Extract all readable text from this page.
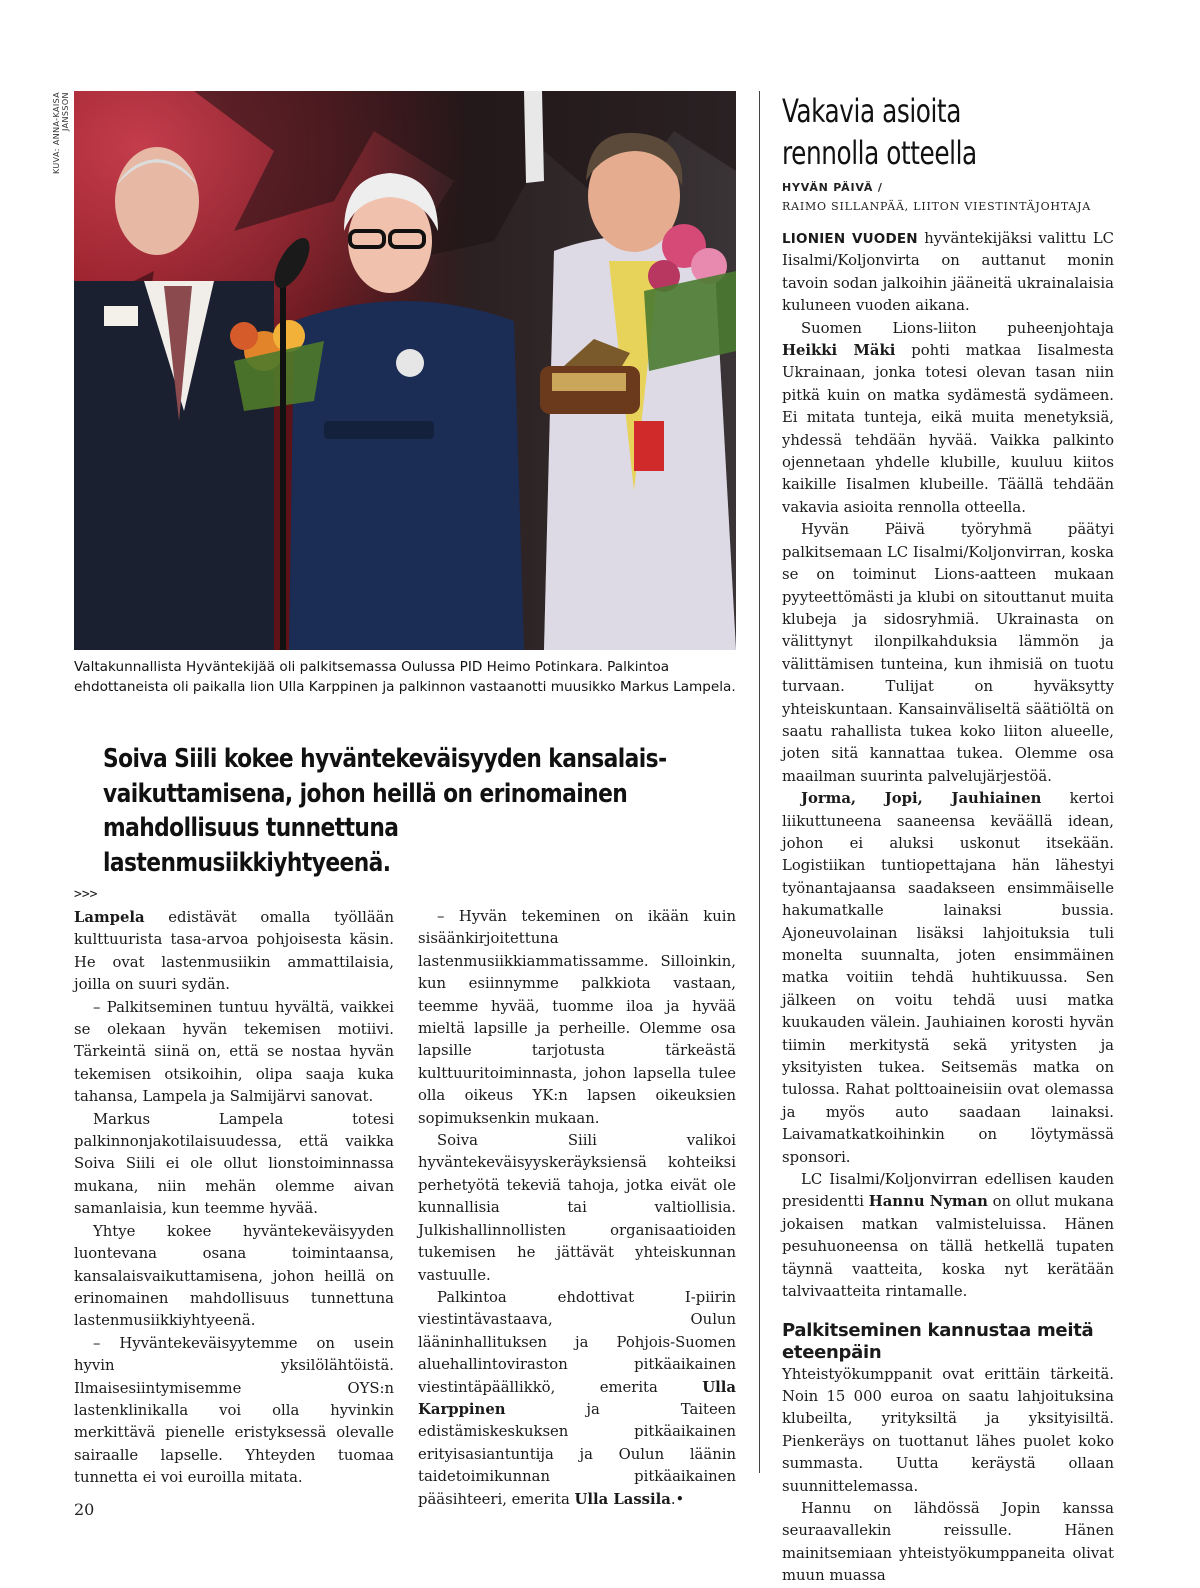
KUVA: ANNA-KAISA JANSSON
Valtakunnallista Hyväntekijää oli palkitsemassa Oulussa PID Heimo Potinkara. Palkintoa ehdottaneista oli paikalla lion Ulla Karppinen ja palkinnon vastaanotti muusikko Markus Lampela.
Soiva Siili kokee hyväntekeväisyyden kansalaisvaikuttamisena, johon heillä on erinomainen mahdollisuus tunnettuna lastenmusiikkiyhtyeenä.

>>>

Lampela edistävät omalla työllään kulttuurista tasa-arvoa pohjoisesta käsin. He ovat lastenmusiikin ammattilaisia, joilla on suuri sydän.

– Palkitseminen tuntuu hyvältä, vaikkei se olekaan hyvän tekemisen motiivi. Tärkeintä siinä on, että se nostaa hyvän tekemisen otsikoihin, olipa saaja kuka tahansa, Lampela ja Salmijärvi sanovat.

Markus Lampela totesi palkinnonjakotilaisuudessa, että vaikka Soiva Siili ei ole ollut lionstoiminnassa mukana, niin mehän olemme aivan samanlaisia, kun teemme hyvää.

Yhtye kokee hyväntekeväisyyden luontevana osana toimintaansa, kansalaisvaikuttamisena, johon heillä on erinomainen mahdollisuus tunnettuna lastenmusiikkiyhtyeenä.

– Hyväntekeväisyytemme on usein hyvin yksilölähtöistä. Ilmaisesiintymisemme OYS:n lastenklinikalla voi olla hyvinkin merkittävä pienelle eristyksessä olevalle sairaalle lapselle. Yhteyden tuomaa tunnetta ei voi euroilla mitata.

– Hyvän tekeminen on ikään kuin sisäänkirjoitettuna lastenmusiikkiammatissamme. Silloinkin, kun esiinnymme palkkiota vastaan, teemme hyvää, tuomme iloa ja hyvää mieltä lapsille ja perheille. Olemme osa lapsille tarjotusta tärkeästä kulttuuritoiminnasta, johon lapsella tulee olla oikeus YK:n lapsen oikeuksien sopimuksenkin mukaan.

Soiva Siili valikoi hyväntekeväisyyskeräyksiensä kohteiksi perhetyötä tekeviä tahoja, jotka eivät ole kunnallisia tai valtiollisia. Julkishallinnollisten organisaatioiden tukemisen he jättävät yhteiskunnan vastuulle.

Palkintoa ehdottivat I-piirin viestintävastaava, Oulun lääninhallituksen ja Pohjois-Suomen aluehallintoviraston pitkäaikainen viestintäpäällikkö, emerita Ulla Karppinen ja Taiteen edistämiskeskuksen pitkäaikainen erityisasiantuntija ja Oulun läänin taidetoimikunnan pitkäaikainen pääsihteeri, emerita Ulla Lassila.•

Vakavia asioita
rennolla otteella
HYVÄN PÄIVÄ /
RAIMO SILLANPÄÄ, LIITON VIESTINTÄJOHTAJA

LIONIEN VUODEN hyväntekijäksi valittu LC Iisalmi/Koljonvirta on auttanut monin tavoin sodan jalkoihin jääneitä ukrainalaisia kuluneen vuoden aikana.

Suomen Lions-liiton puheenjohtaja Heikki Mäki pohti matkaa Iisalmesta Ukrainaan, jonka totesi olevan tasan niin pitkä kuin on matka sydämestä sydämeen. Ei mitata tunteja, eikä muita menetyksiä, yhdessä tehdään hyvää. Vaikka palkinto ojennetaan yhdelle klubille, kuuluu kiitos kaikille Iisalmen klubeille. Täällä tehdään vakavia asioita rennolla otteella.

Hyvän Päivä työryhmä päätyi palkitsemaan LC Iisalmi/Koljonvirran, koska se on toiminut Lions-aatteen mukaan pyyteettömästi ja klubi on sitouttanut muita klubeja ja sidosryhmiä. Ukrainasta on välittynyt ilonpilkahduksia lämmön ja välittämisen tunteina, kun ihmisiä on tuotu turvaan. Tulijat on hyväksytty yhteiskuntaan. Kansainväliseltä säätiöltä on saatu rahallista tukea koko liiton alueelle, joten sitä kannattaa tukea. Olemme osa maailman suurinta palvelujärjestöä.

Jorma, Jopi, Jauhiainen kertoi liikuttuneena saaneensa keväällä idean, johon ei aluksi uskonut itsekään. Logistiikan tuntiopettajana hän lähestyi työnantajaansa saadakseen ensimmäiselle hakumatkalle lainaksi bussia. Ajoneuvolainan lisäksi lahjoituksia tuli monelta suunnalta, joten ensimmäinen matka voitiin tehdä huhtikuussa. Sen jälkeen on voitu tehdä uusi matka kuukauden välein. Jauhiainen korosti hyvän tiimin merkitystä sekä yritysten ja yksityisten tukea. Seitsemäs matka on tulossa. Rahat polttoaineisiin ovat olemassa ja myös auto saadaan lainaksi. Laivamatkatkoihinkin on löytymässä sponsori.

LC Iisalmi/Koljonvirran edellisen kauden presidentti Hannu Nyman on ollut mukana jokaisen matkan valmisteluissa. Hänen pesuhuoneensa on tällä hetkellä tupaten täynnä vaatteita, koska nyt kerätään talvivaatteita rintamalle.

Palkitseminen kannustaa meitä eteenpäin

Yhteistyökumppanit ovat erittäin tärkeitä. Noin 15 000 euroa on saatu lahjoituksina klubeilta, yrityksiltä ja yksityisiltä. Pienkeräys on tuottanut lähes puolet koko summasta. Uutta keräystä ollaan suunnittelemassa.

Hannu on lähdössä Jopin kanssa seuraavallekin reissulle. Hänen mainitsemiaan yhteistyökumppaneita olivat muun muassa

20
